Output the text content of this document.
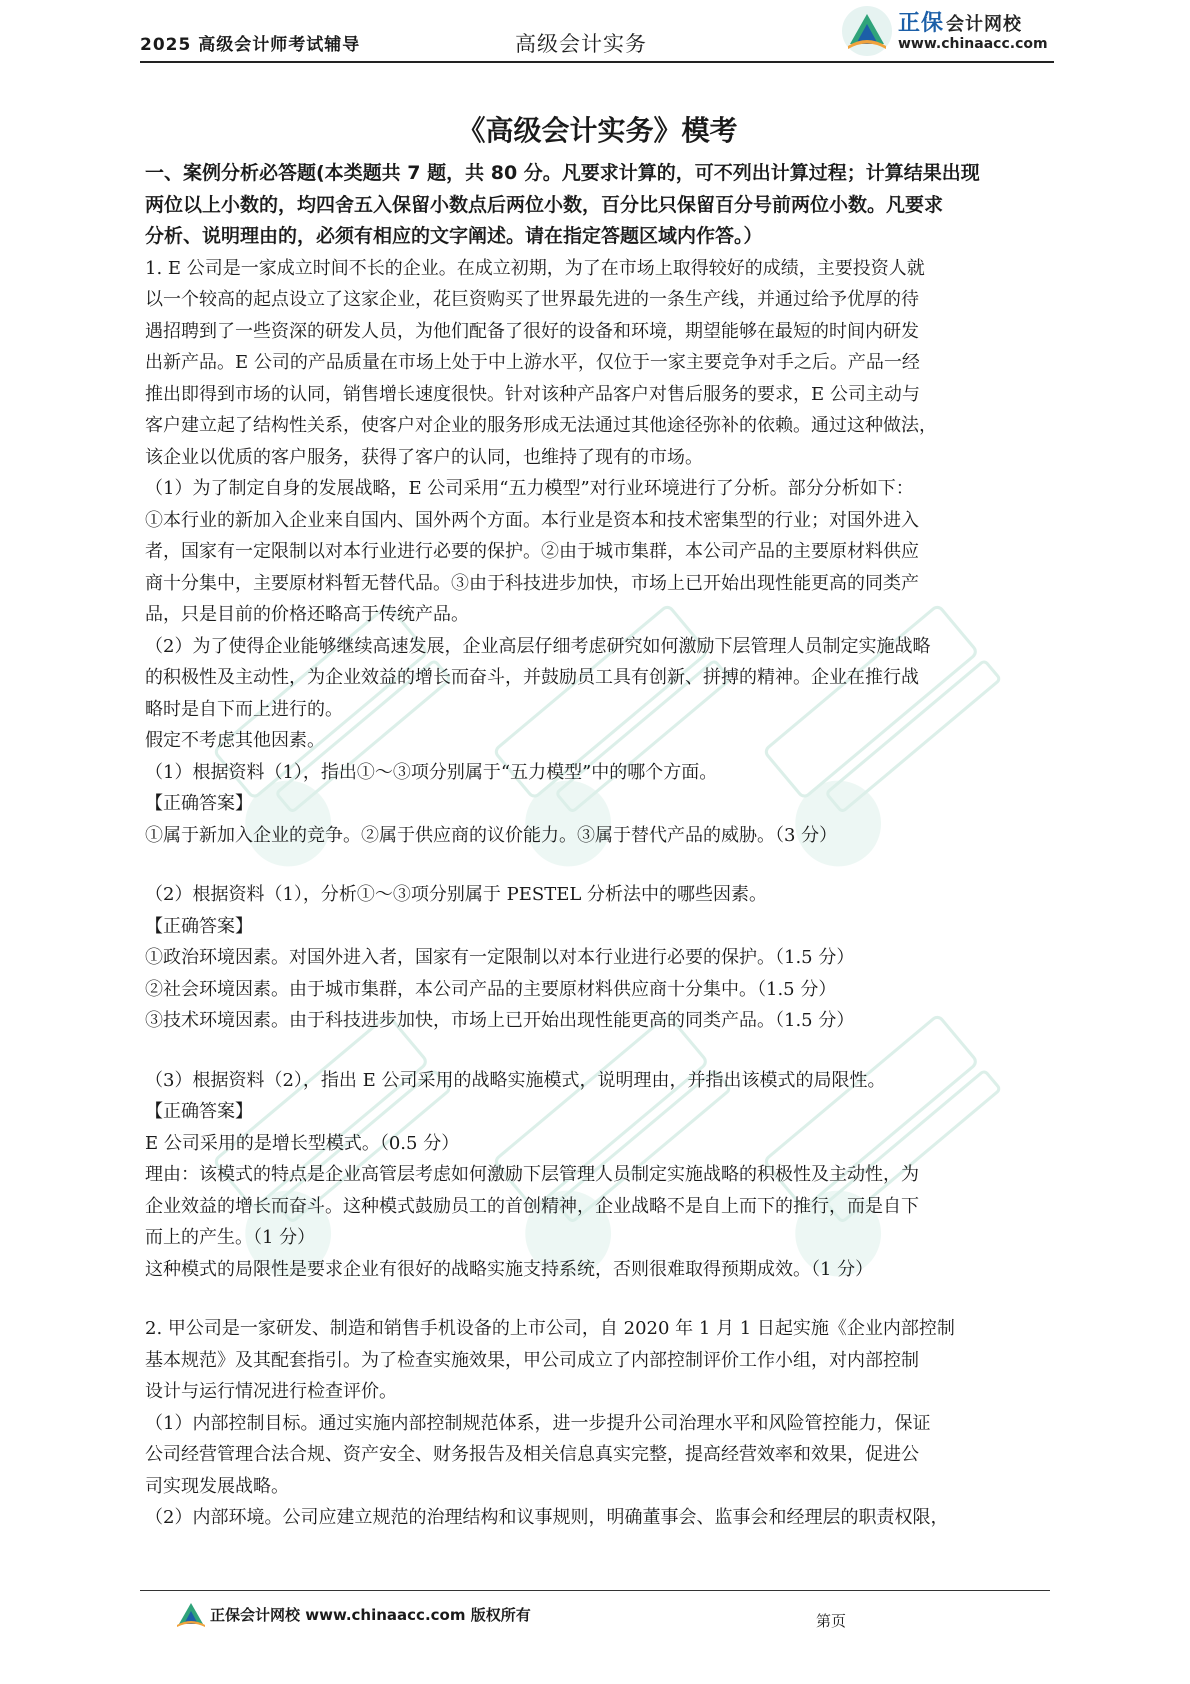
2025 高级会计师考试辅导	高级会计实务
正保 会计网校
www.chinaacc.com
《高级会计实务》模考

一、案例分析必答题(本类题共 7 题，共 80 分。凡要求计算的，可不列出计算过程；计算结果出现

两位以上小数的，均四舍五入保留小数点后两位小数，百分比只保留百分号前两位小数。凡要求

分析、说明理由的，必须有相应的文字阐述。请在指定答题区域内作答。）

1. E 公司是一家成立时间不长的企业。在成立初期，为了在市场上取得较好的成绩，主要投资人就

以一个较高的起点设立了这家企业，花巨资购买了世界最先进的一条生产线，并通过给予优厚的待

遇招聘到了一些资深的研发人员，为他们配备了很好的设备和环境，期望能够在最短的时间内研发

出新产品。E 公司的产品质量在市场上处于中上游水平，仅位于一家主要竞争对手之后。产品一经

推出即得到市场的认同，销售增长速度很快。针对该种产品客户对售后服务的要求，E 公司主动与

客户建立起了结构性关系，使客户对企业的服务形成无法通过其他途径弥补的依赖。通过这种做法，

该企业以优质的客户服务，获得了客户的认同，也维持了现有的市场。

（1）为了制定自身的发展战略，E 公司采用“五力模型”对行业环境进行了分析。部分分析如下：

①本行业的新加入企业来自国内、国外两个方面。本行业是资本和技术密集型的行业；对国外进入

者，国家有一定限制以对本行业进行必要的保护。②由于城市集群，本公司产品的主要原材料供应

商十分集中，主要原材料暂无替代品。③由于科技进步加快，市场上已开始出现性能更高的同类产

品，只是目前的价格还略高于传统产品。

（2）为了使得企业能够继续高速发展，企业高层仔细考虑研究如何激励下层管理人员制定实施战略

的积极性及主动性，为企业效益的增长而奋斗，并鼓励员工具有创新、拼搏的精神。企业在推行战

略时是自下而上进行的。

假定不考虑其他因素。

（1）根据资料（1），指出①～③项分别属于“五力模型”中的哪个方面。

【正确答案】

①属于新加入企业的竞争。②属于供应商的议价能力。③属于替代产品的威胁。（3 分）

（2）根据资料（1），分析①～③项分别属于 PESTEL 分析法中的哪些因素。

【正确答案】

①政治环境因素。对国外进入者，国家有一定限制以对本行业进行必要的保护。（1.5 分）

②社会环境因素。由于城市集群，本公司产品的主要原材料供应商十分集中。（1.5 分）

③技术环境因素。由于科技进步加快，市场上已开始出现性能更高的同类产品。（1.5 分）

（3）根据资料（2），指出 E 公司采用的战略实施模式，说明理由，并指出该模式的局限性。

【正确答案】

E 公司采用的是增长型模式。（0.5 分）

理由：该模式的特点是企业高管层考虑如何激励下层管理人员制定实施战略的积极性及主动性，为

企业效益的增长而奋斗。这种模式鼓励员工的首创精神，企业战略不是自上而下的推行，而是自下

而上的产生。（1 分）

这种模式的局限性是要求企业有很好的战略实施支持系统，否则很难取得预期成效。（1 分）

2. 甲公司是一家研发、制造和销售手机设备的上市公司，自 2020 年 1 月 1 日起实施《企业内部控制

基本规范》及其配套指引。为了检查实施效果，甲公司成立了内部控制评价工作小组，对内部控制

设计与运行情况进行检查评价。

（1）内部控制目标。通过实施内部控制规范体系，进一步提升公司治理水平和风险管控能力，保证

公司经营管理合法合规、资产安全、财务报告及相关信息真实完整，提高经营效率和效果，促进公

司实现发展战略。

（2）内部环境。公司应建立规范的治理结构和议事规则，明确董事会、监事会和经理层的职责权限，

正保会计网校 www.chinaacc.com 版权所有	第页
